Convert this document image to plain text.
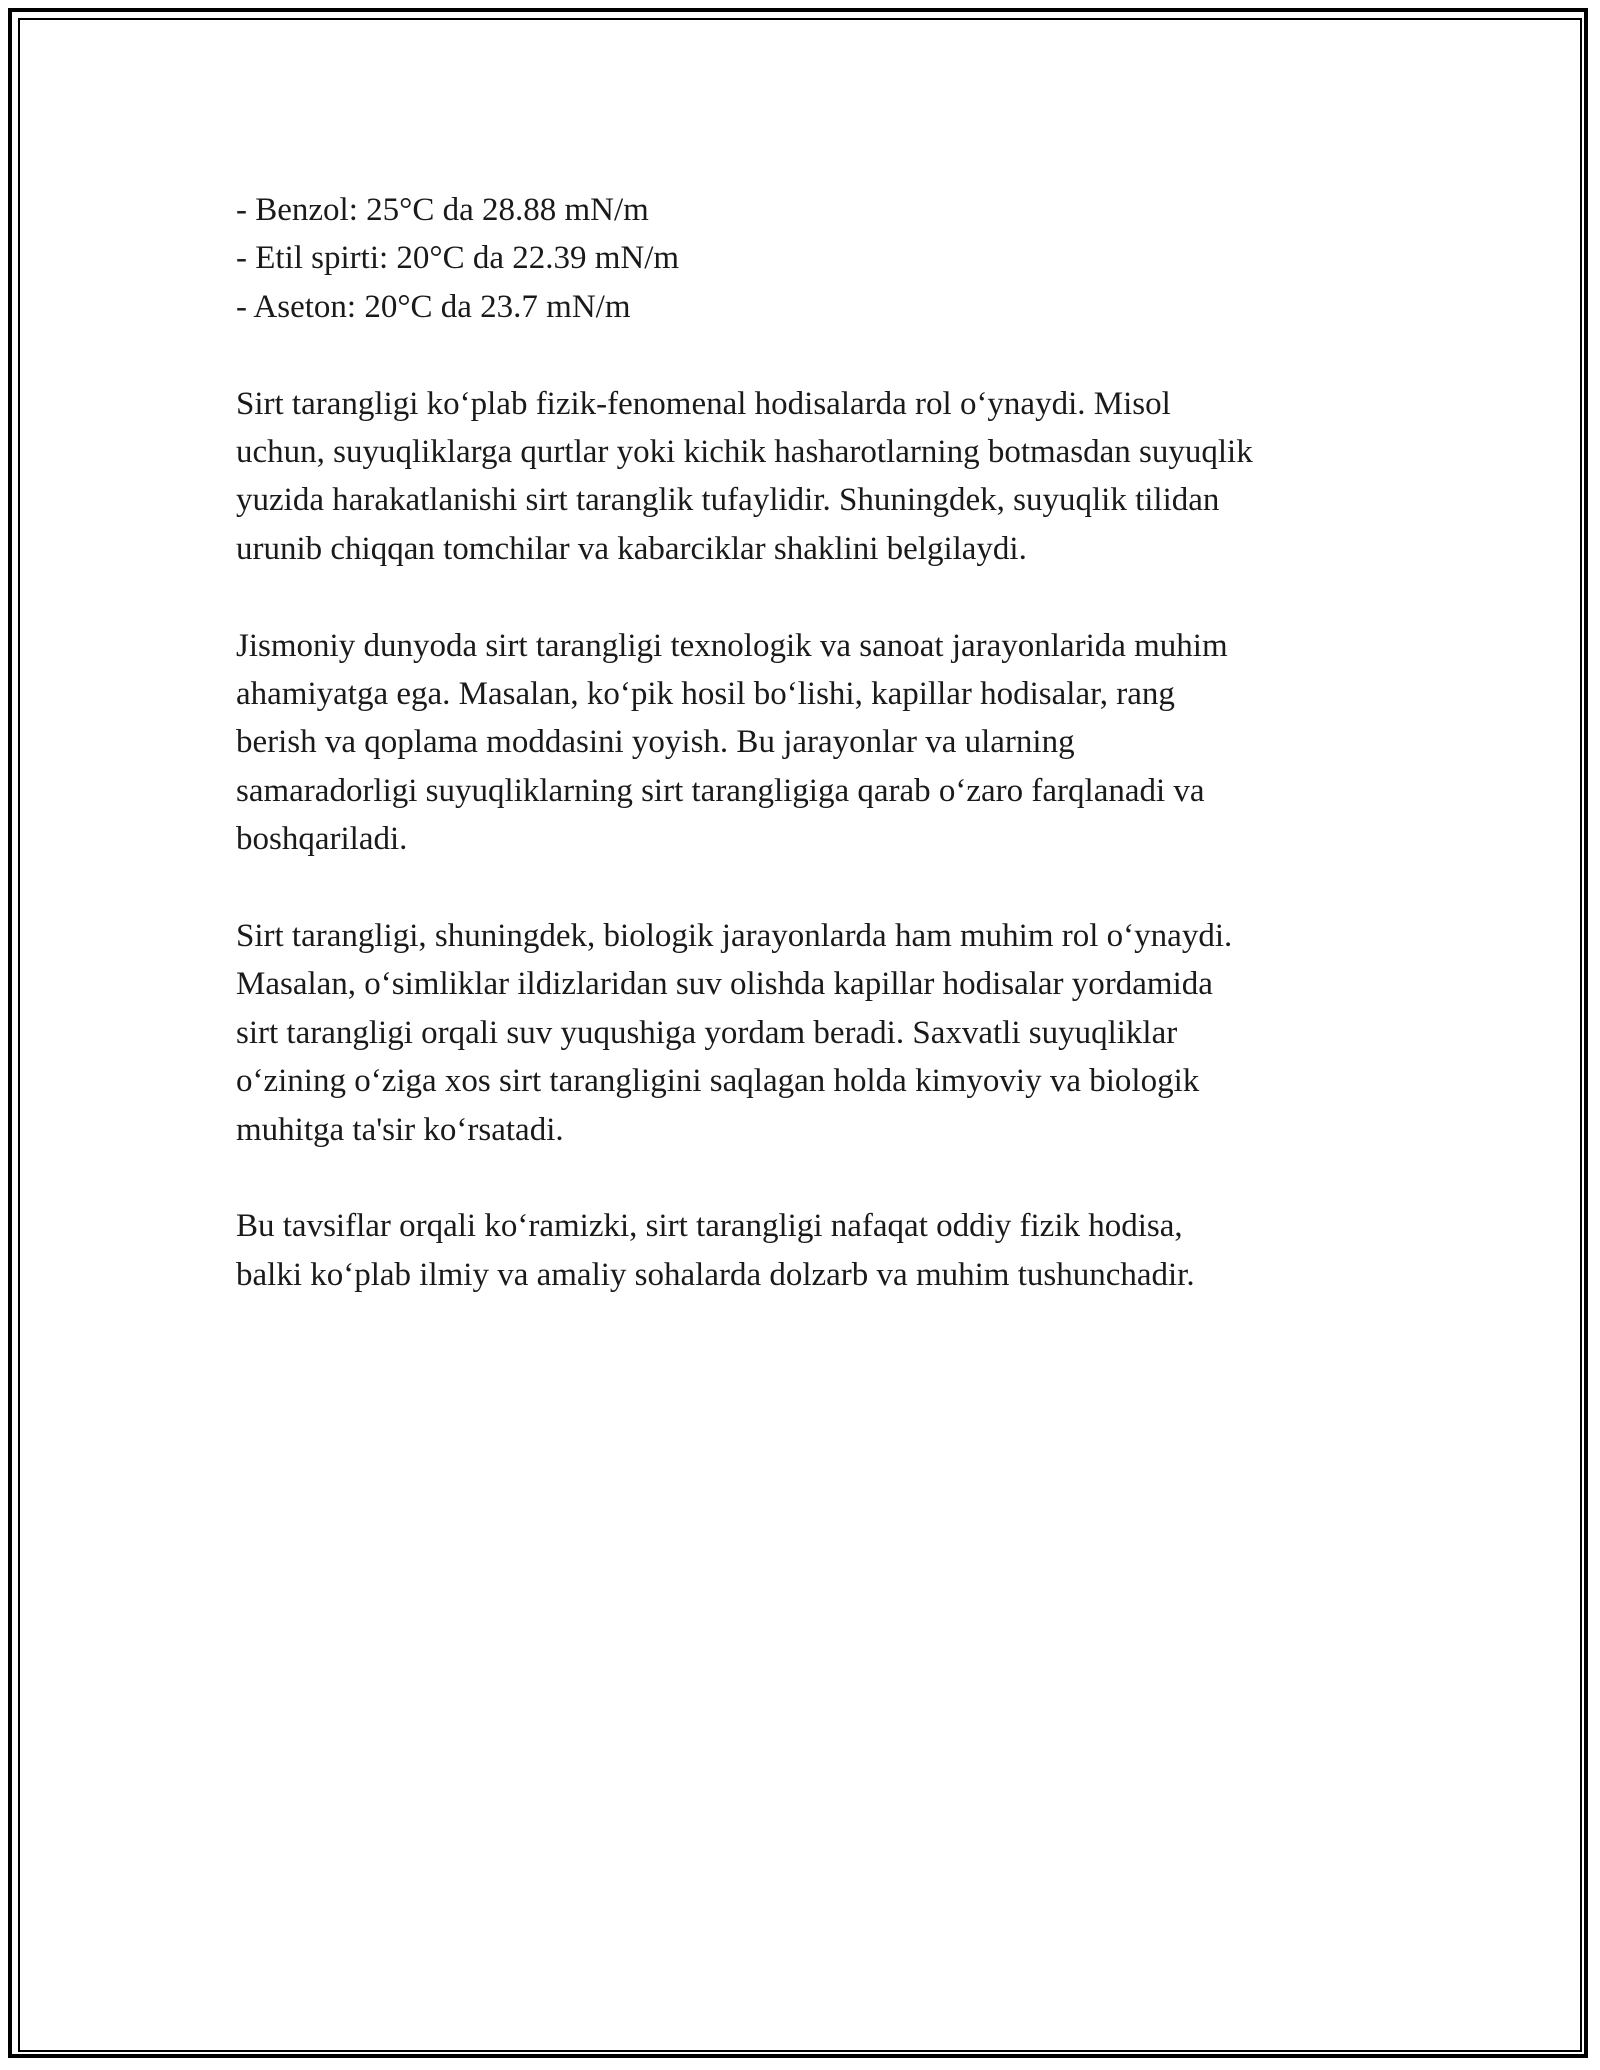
- Benzol: 25°C da 28.88 mN/m

- Etil spirti: 20°C da 22.39 mN/m

- Aseton: 20°C da 23.7 mN/m

Sirt tarangligi ko‘plab fizik-fenomenal hodisalarda rol o‘ynaydi. Misol
uchun, suyuqliklarga qurtlar yoki kichik hasharotlarning botmasdan suyuqlik
yuzida harakatlanishi sirt taranglik tufaylidir. Shuningdek, suyuqlik tilidan
urunib chiqqan tomchilar va kabarciklar shaklini belgilaydi.

Jismoniy dunyoda sirt tarangligi texnologik va sanoat jarayonlarida muhim
ahamiyatga ega. Masalan, ko‘pik hosil bo‘lishi, kapillar hodisalar, rang
berish va qoplama moddasini yoyish. Bu jarayonlar va ularning
samaradorligi suyuqliklarning sirt tarangligiga qarab o‘zaro farqlanadi va
boshqariladi.

Sirt tarangligi, shuningdek, biologik jarayonlarda ham muhim rol o‘ynaydi.
Masalan, o‘simliklar ildizlaridan suv olishda kapillar hodisalar yordamida
sirt tarangligi orqali suv yuqushiga yordam beradi. Saxvatli suyuqliklar
o‘zining o‘ziga xos sirt tarangligini saqlagan holda kimyoviy va biologik
muhitga ta'sir ko‘rsatadi.

Bu tavsiflar orqali ko‘ramizki, sirt tarangligi nafaqat oddiy fizik hodisa,
balki ko‘plab ilmiy va amaliy sohalarda dolzarb va muhim tushunchadir.
